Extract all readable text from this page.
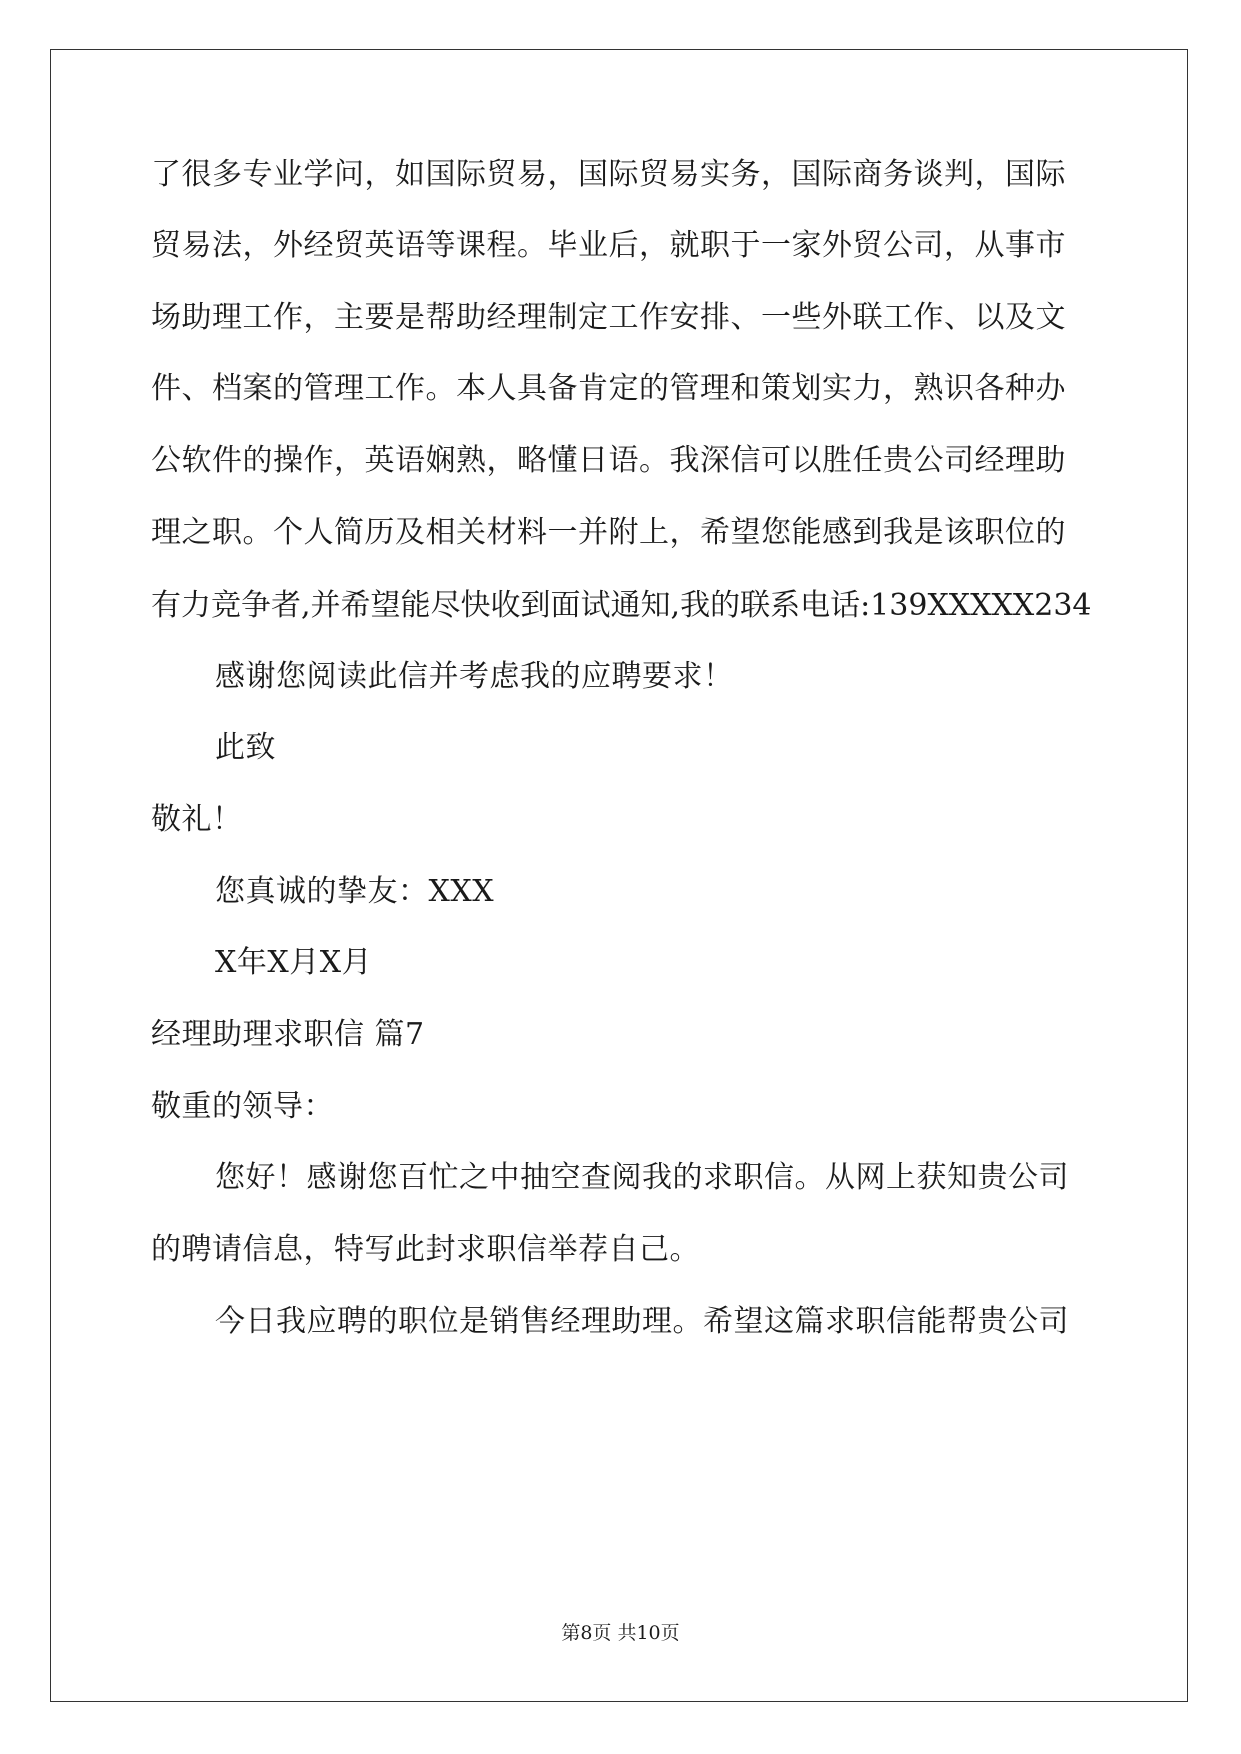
了很多专业学问，如国际贸易，国际贸易实务，国际商务谈判，国际
贸易法，外经贸英语等课程。毕业后，就职于一家外贸公司，从事市
场助理工作，主要是帮助经理制定工作安排、一些外联工作、以及文
件、档案的管理工作。本人具备肯定的管理和策划实力，熟识各种办
公软件的操作，英语娴熟，略懂日语。我深信可以胜任贵公司经理助
理之职。个人简历及相关材料一并附上，希望您能感到我是该职位的
有力竞争者,并希望能尽快收到面试通知,我的联系电话:139XXXXX234
感谢您阅读此信并考虑我的应聘要求！
此致
敬礼！
您真诚的挚友：XXX
X年X月X月
经理助理求职信 篇7
敬重的领导：
您好！感谢您百忙之中抽空查阅我的求职信。从网上获知贵公司
的聘请信息，特写此封求职信举荐自己。
今日我应聘的职位是销售经理助理。希望这篇求职信能帮贵公司
第8页 共10页
